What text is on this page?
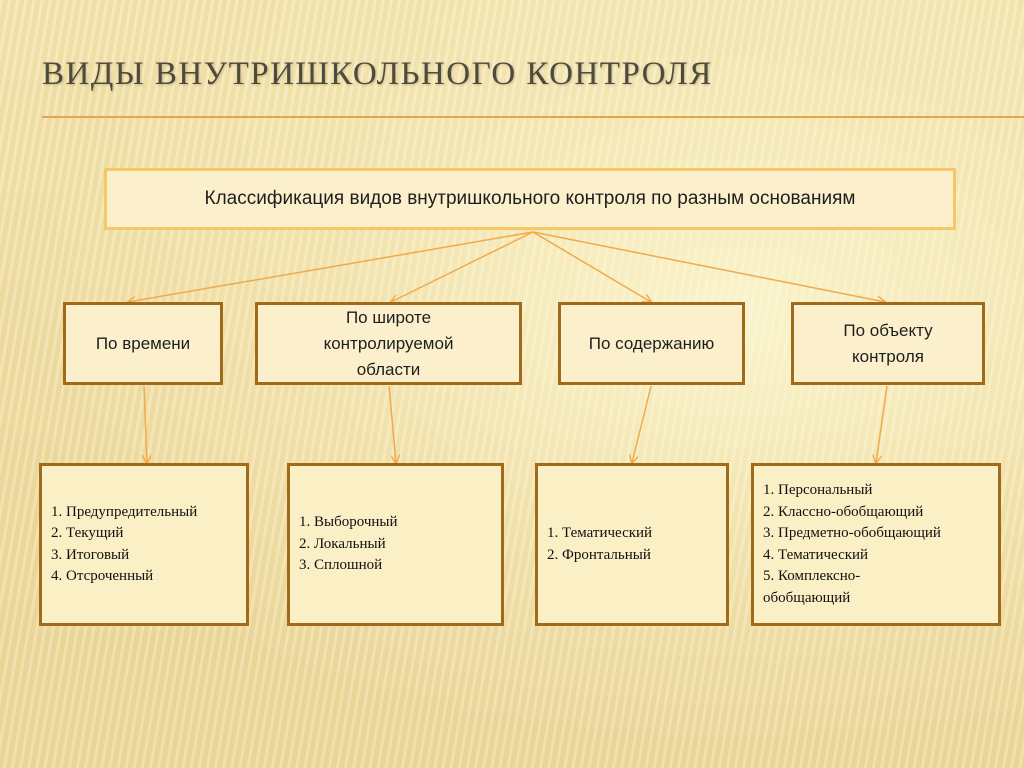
ВИДЫ ВНУТРИШКОЛЬНОГО КОНТРОЛЯ
Классификация видов внутришкольного контроля по разным основаниям
По времени
По широте контролируемой области
По содержанию
По объекту контроля
1. Предупредительный
2. Текущий
3. Итоговый
4. Отсроченный
1. Выборочный
2. Локальный
3. Сплошной
1. Тематический
2. Фронтальный
1. Персональный
2. Классно-обобщающий
3. Предметно-обобщающий
4. Тематический
5. Комплексно-
обобщающий
